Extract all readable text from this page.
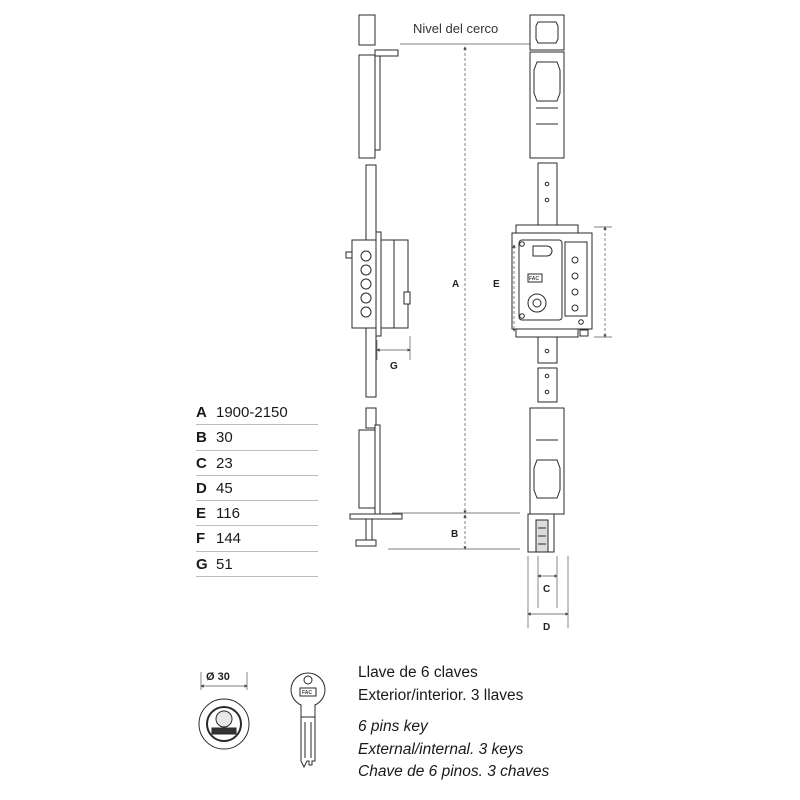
FAC
Nivel del cerco
A
B
E
G
C
D
Ø 30
FAC
A 1900-2150
B 30
C 23
D 45
E 116
F 144
G 51
Llave de 6 claves
Exterior/interior. 3 llaves
6 pins key
External/internal. 3 keys
Chave de 6 pinos. 3 chaves
